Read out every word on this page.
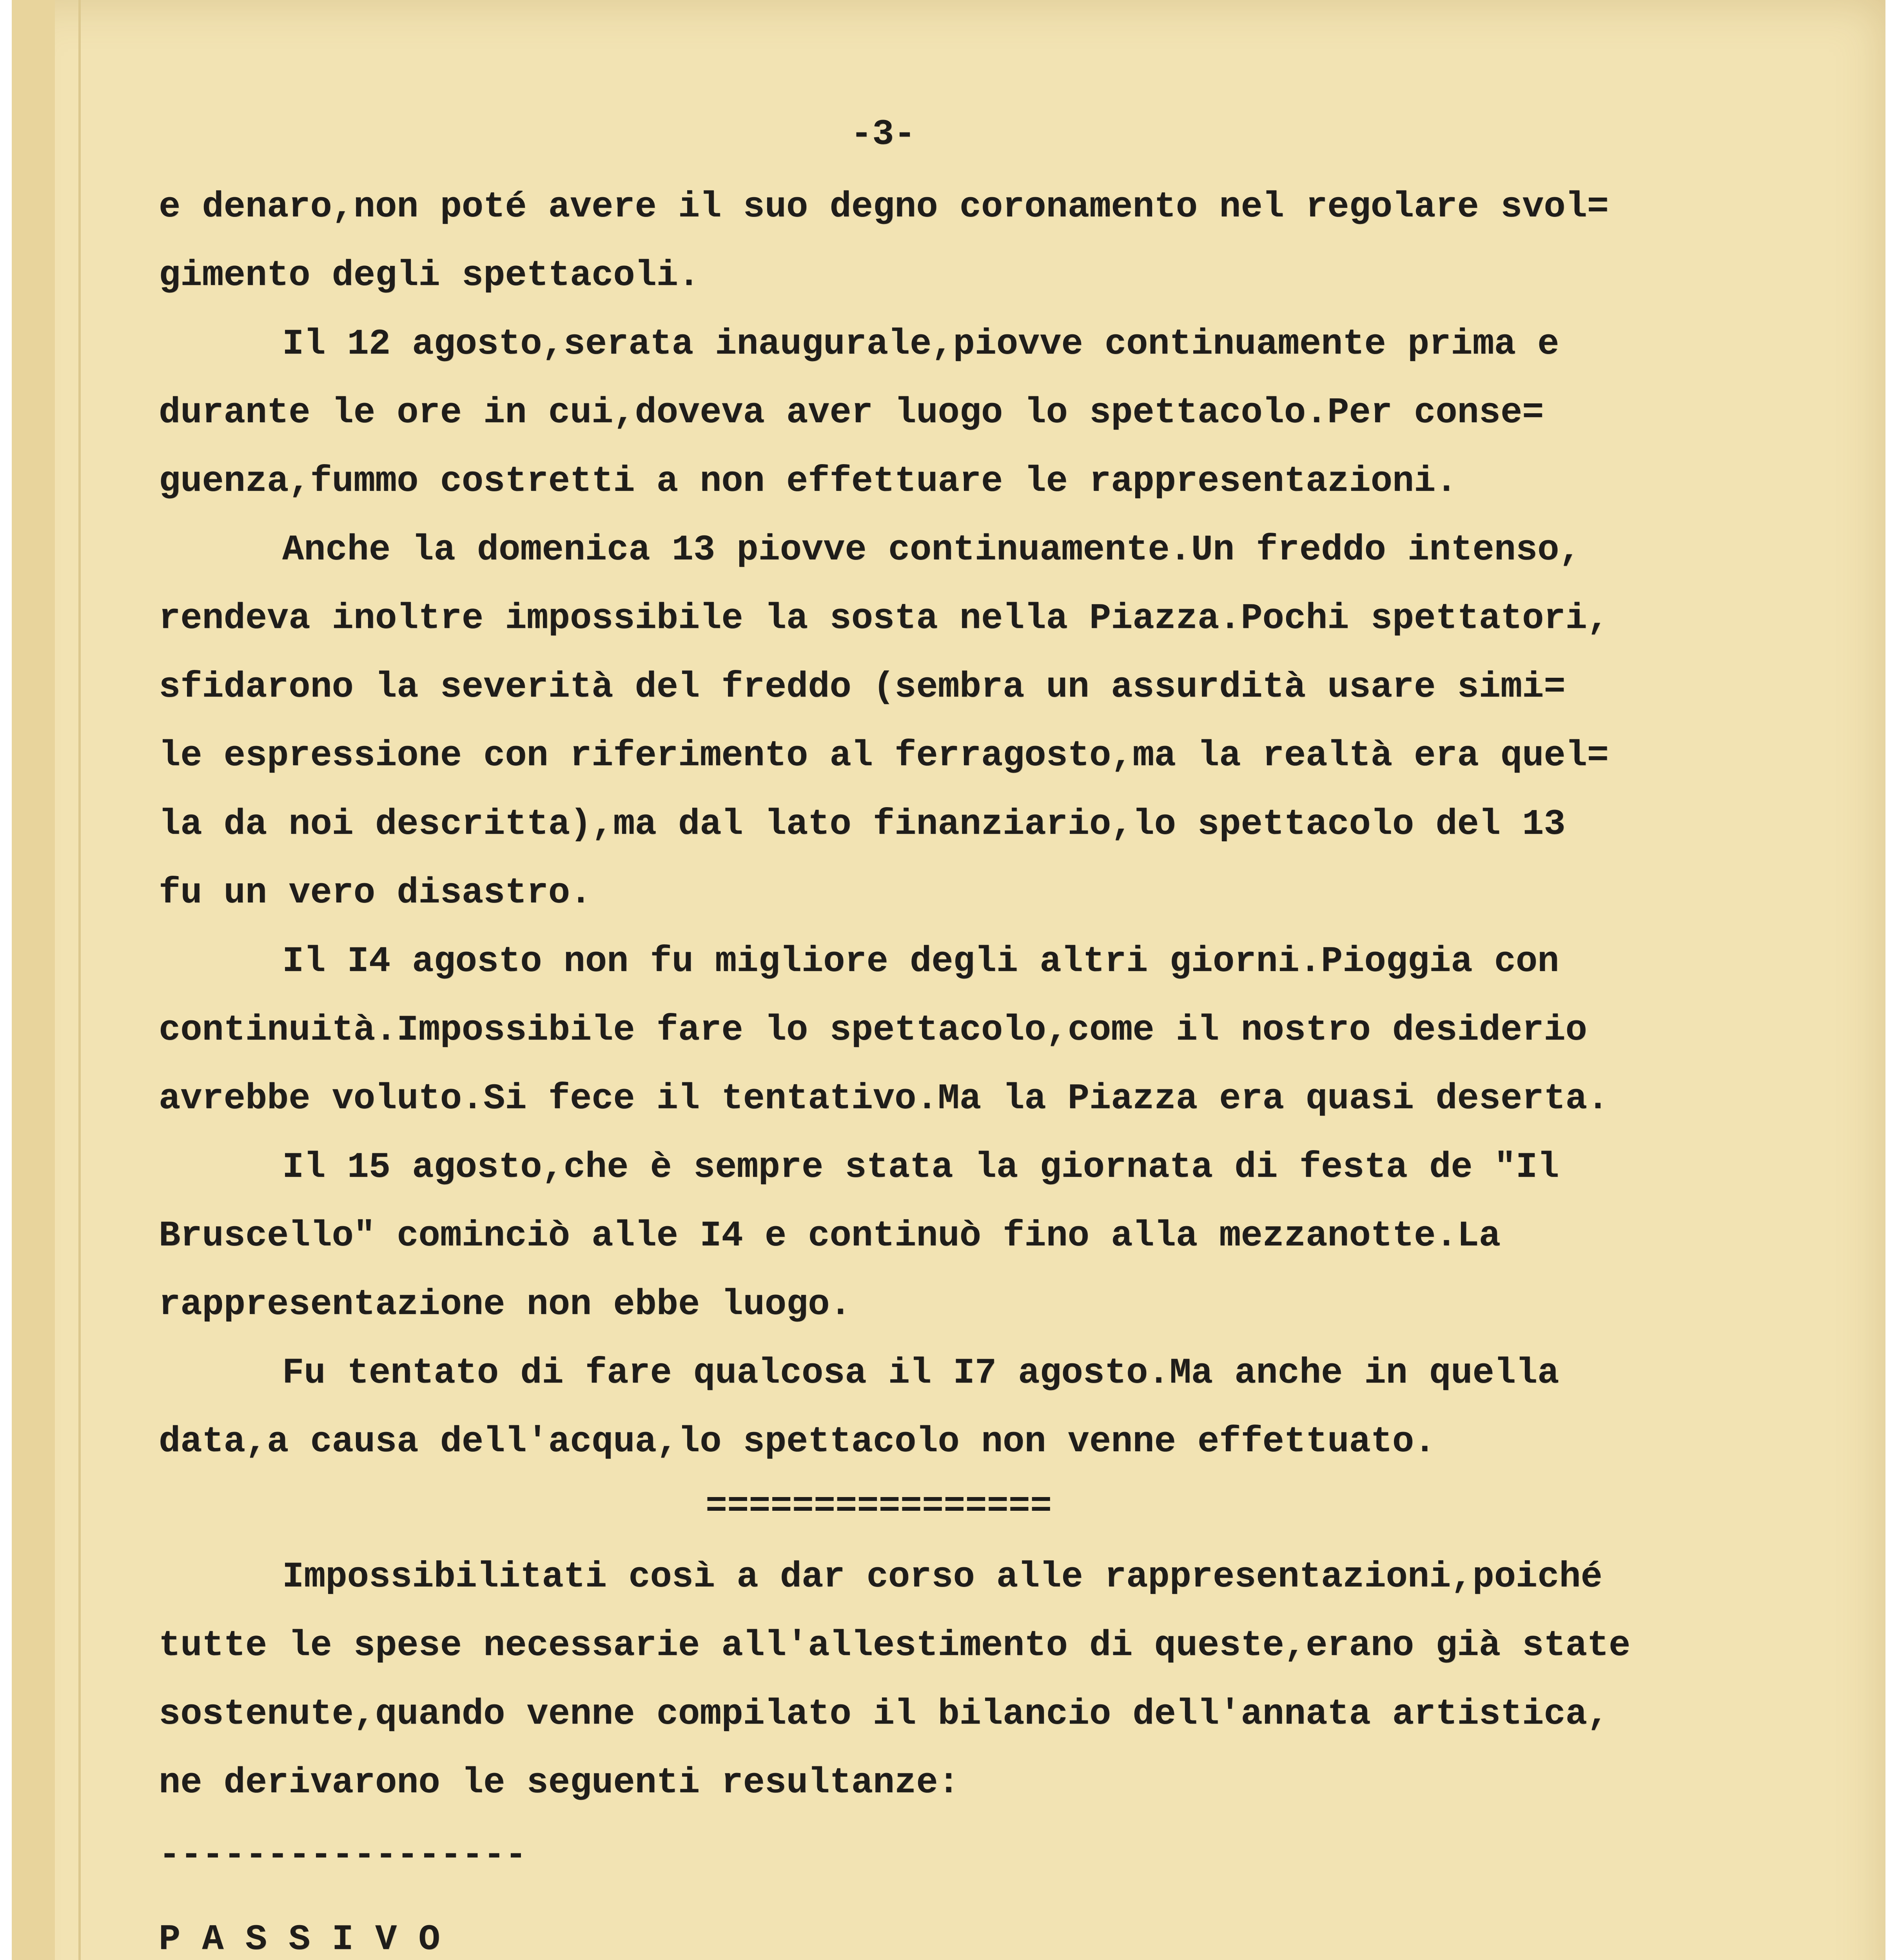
-3-
e denaro,non poté avere il suo degno coronamento nel regolare svol=
gimento degli spettacoli.
Il 12 agosto,serata inaugurale,piovve continuamente prima e
durante le ore in cui,doveva aver luogo lo spettacolo.Per conse=
guenza,fummo costretti a non effettuare le rappresentazioni.
Anche la domenica 13 piovve continuamente.Un freddo intenso,
rendeva inoltre impossibile la sosta nella Piazza.Pochi spettatori,
sfidarono la severità del freddo (sembra un assurdità usare simi=
le espressione con riferimento al ferragosto,ma la realtà era quel=
la da noi descritta),ma dal lato finanziario,lo spettacolo del 13
fu un vero disastro.
Il I4 agosto non fu migliore degli altri giorni.Pioggia con
continuità.Impossibile fare lo spettacolo,come il nostro desiderio
avrebbe voluto.Si fece il tentativo.Ma la Piazza era quasi deserta.
Il 15 agosto,che è sempre stata la giornata di festa de "Il
Bruscello" cominciò alle I4 e continuò fino alla mezzanotte.La
rappresentazione non ebbe luogo.
Fu tentato di fare qualcosa il I7 agosto.Ma anche in quella
data,a causa dell'acqua,lo spettacolo non venne effettuato.
================
Impossibilitati così a dar corso alle rappresentazioni,poiché
tutte le spese necessarie all'allestimento di queste,erano già state
sostenute,quando venne compilato il bilancio dell'annata artistica,
ne derivarono le seguenti resultanze:
-----------------
P A S S I V O
